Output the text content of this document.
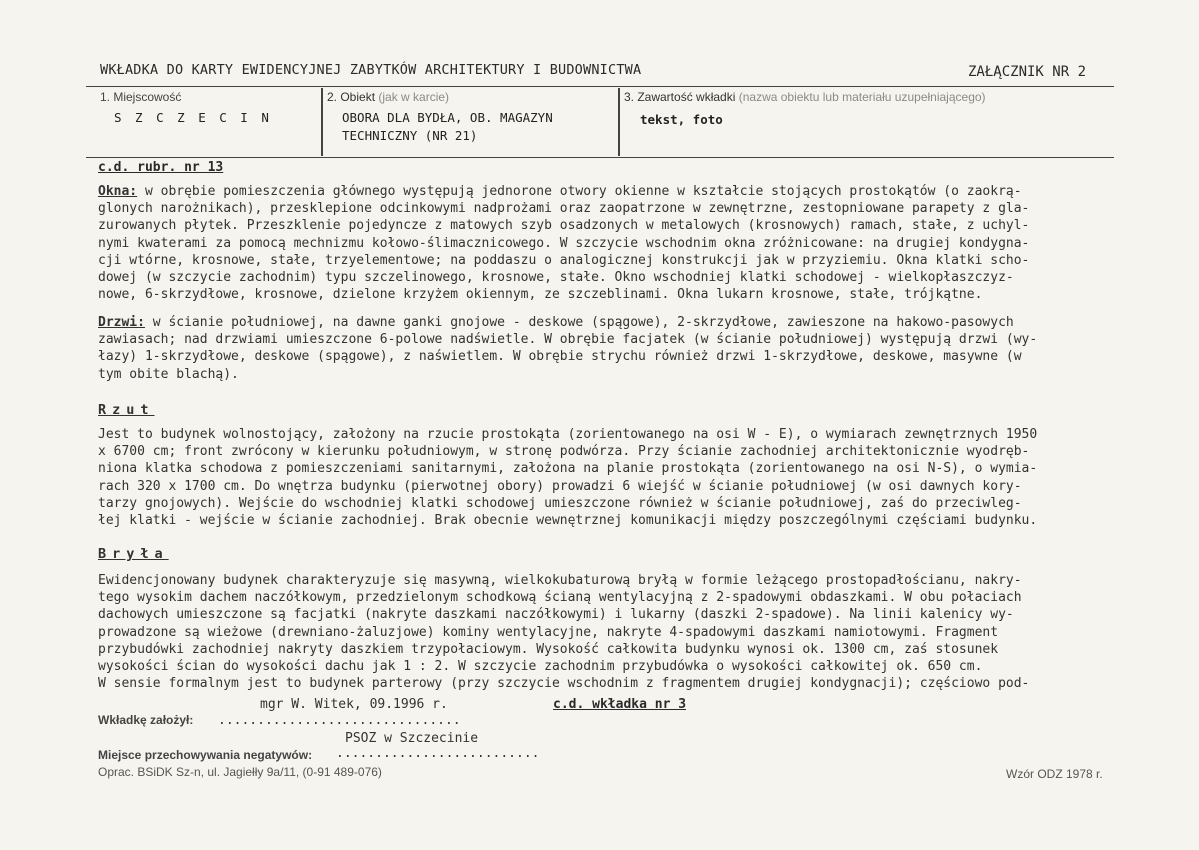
WKŁADKA DO KARTY EWIDENCYJNEJ ZABYTKÓW ARCHITEKTURY I BUDOWNICTWA	ZAŁĄCZNIK NR 2
1. Miejscowość
S Z C Z E C I N
2. Obiekt (jak w karcie)
OBORA DLA BYDŁA, OB. MAGAZYN
TECHNICZNY (NR 21)
3. Zawartość wkładki (nazwa obiektu lub materiału uzupełniającego)
tekst, foto
c.d. rubr. nr 13
Okna: w obrębie pomieszczenia głównego występują jednorone otwory okienne w kształcie stojących prostokątów (o zaokrą-
glonych narożnikach), przesklepione odcinkowymi nadprożami oraz zaopatrzone w zewnętrzne, zestopniowane parapety z gla-
zurowanych płytek. Przeszklenie pojedyncze z matowych szyb osadzonych w metalowych (krosnowych) ramach, stałe, z uchyl-
nymi kwaterami za pomocą mechnizmu kołowo-ślimacznicowego. W szczycie wschodnim okna zróżnicowane: na drugiej kondygna-
cji wtórne, krosnowe, stałe, trzyelementowe; na poddaszu o analogicznej konstrukcji jak w przyziemiu. Okna klatki scho-
dowej (w szczycie zachodnim) typu szczelinowego, krosnowe, stałe. Okno wschodniej klatki schodowej - wielkopłaszczyz-
nowe, 6-skrzydłowe, krosnowe, dzielone krzyżem okiennym, ze szczeblinami. Okna lukarn krosnowe, stałe, trójkątne.
Drzwi: w ścianie południowej, na dawne ganki gnojowe - deskowe (spągowe), 2-skrzydłowe, zawieszone na hakowo-pasowych
zawiasach; nad drzwiami umieszczone 6-polowe nadświetle. W obrębie facjatek (w ścianie południowej) występują drzwi (wy-
łazy) 1-skrzydłowe, deskowe (spągowe), z naświetlem. W obrębie strychu również drzwi 1-skrzydłowe, deskowe, masywne (w
tym obite blachą).
Rzut
Jest to budynek wolnostojący, założony na rzucie prostokąta (zorientowanego na osi W - E), o wymiarach zewnętrznych 1950
x 6700 cm; front zwrócony w kierunku południowym, w stronę podwórza. Przy ścianie zachodniej architektonicznie wyodręb-
niona klatka schodowa z pomieszczeniami sanitarnymi, założona na planie prostokąta (zorientowanego na osi N-S), o wymia-
rach 320 x 1700 cm. Do wnętrza budynku (pierwotnej obory) prowadzi 6 wiejść w ścianie południowej (w osi dawnych kory-
tarzy gnojowych). Wejście do wschodniej klatki schodowej umieszczone również w ścianie południowej, zaś do przeciwleg-
łej klatki - wejście w ścianie zachodniej. Brak obecnie wewnętrznej komunikacji między poszczególnymi częściami budynku.
Bryła
Ewidencjonowany budynek charakteryzuje się masywną, wielkokubaturową bryłą w formie leżącego prostopadłościanu, nakry-
tego wysokim dachem naczółkowym, przedzielonym schodkową ścianą wentylacyjną z 2-spadowymi obdaszkami. W obu połaciach
dachowych umieszczone są facjatki (nakryte daszkami naczółkowymi) i lukarny (daszki 2-spadowe). Na linii kalenicy wy-
prowadzone są wieżowe (drewniano-żaluzjowe) kominy wentylacyjne, nakryte 4-spadowymi daszkami namiotowymi. Fragment
przybudówki zachodniej nakryty daszkiem trzypołaciowym. Wysokość całkowita budynku wynosi ok. 1300 cm, zaś stosunek
wysokości ścian do wysokości dachu jak 1 : 2. W szczycie zachodnim przybudówka o wysokości całkowitej ok. 650 cm.
W sensie formalnym jest to budynek parterowy (przy szczycie wschodnim z fragmentem drugiej kondygnacji); częściowo pod-
mgr W. Witek, 09.1996 r.	c.d. wkładka nr 3
Wkładkę założył: ...............................
PSOZ w Szczecinie
Miejsce przechowywania negatywów: ..........................
Oprac. BSiDK Sz-n, ul. Jagiełły 9a/11, (0-91 489-076)	Wzór ODZ 1978 r.
